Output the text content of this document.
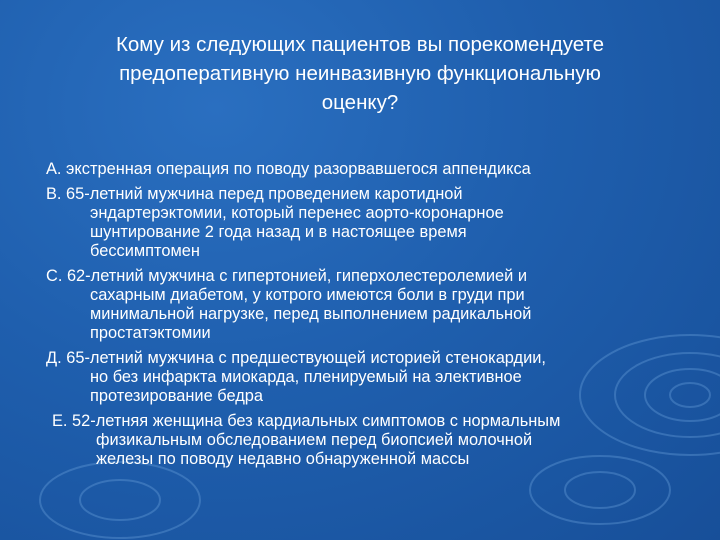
Кому из следующих пациентов вы порекомендуете
предоперативную неинвазивную функциональную
оценку?
A. экстренная операция по поводу разорвавшегося аппендикса
B. 65-летний мужчина перед проведением каротидной
эндартерэктомии, который перенес аорто-коронарное
шунтирование 2 года назад и в настоящее время
бессимптомен
C. 62-летний мужчина с гипертонией, гиперхолестеролемией и
сахарным диабетом, у котрого имеются боли в груди при
минимальной нагрузке, перед выполнением радикальной
простатэктомии
Д. 65-летний мужчина с предшествующей историей стенокардии,
но без инфаркта миокарда, пленируемый на элективное
протезирование бедра
E. 52-летняя женщина без кардиальных симптомов с нормальным
физикальным обследованием перед биопсией молочной
железы по поводу недавно обнаруженной массы
